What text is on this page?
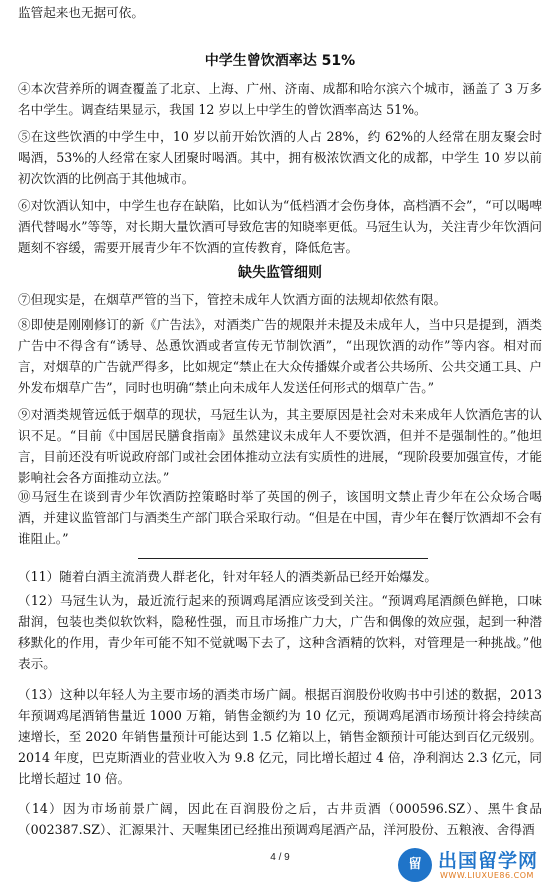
监管起来也无据可依。

中学生曾饮酒率达 51%

④本次营养所的调查覆盖了北京、上海、广州、济南、成都和哈尔滨六个城市，涵盖了 3 万多名中学生。调查结果显示，我国 12 岁以上中学生的曾饮酒率高达 51%。

⑤在这些饮酒的中学生中，10 岁以前开始饮酒的人占 28%，约 62%的人经常在朋友聚会时喝酒，53%的人经常在家人团聚时喝酒。其中，拥有极浓饮酒文化的成都，中学生 10 岁以前初次饮酒的比例高于其他城市。

⑥对饮酒认知中，中学生也存在缺陷，比如认为“低档酒才会伤身体，高档酒不会”，“可以喝啤酒代替喝水”等等，对长期大量饮酒可导致危害的知晓率更低。马冠生认为，关注青少年饮酒问题刻不容缓，需要开展青少年不饮酒的宣传教育，降低危害。

缺失监管细则

⑦但现实是，在烟草严管的当下，管控未成年人饮酒方面的法规却依然有限。

⑧即使是刚刚修订的新《广告法》，对酒类广告的规限并未提及未成年人，当中只是提到，酒类广告中不得含有“诱导、怂恿饮酒或者宣传无节制饮酒”，“出现饮酒的动作”等内容。相对而言，对烟草的广告就严得多，比如规定“禁止在大众传播媒介或者公共场所、公共交通工具、户外发布烟草广告”，同时也明确“禁止向未成年人发送任何形式的烟草广告。”

⑨对酒类规管远低于烟草的现状，马冠生认为，其主要原因是社会对未来成年人饮酒危害的认识不足。“目前《中国居民膳食指南》虽然建议未成年人不要饮酒，但并不是强制性的。”他坦言，目前还没有听说政府部门或社会团体推动立法有实质性的进展，“现阶段要加强宣传，才能影响社会各方面推动立法。”

⑩马冠生在谈到青少年饮酒防控策略时举了英国的例子，该国明文禁止青少年在公众场合喝酒，并建议监管部门与酒类生产部门联合采取行动。“但是在中国，青少年在餐厅饮酒却不会有谁阻止。”

（11）随着白酒主流消费人群老化，针对年轻人的酒类新品已经开始爆发。

（12）马冠生认为，最近流行起来的预调鸡尾酒应该受到关注。“预调鸡尾酒颜色鲜艳，口味甜润，包装也类似软饮料，隐秘性强，而且市场推广力大，广告和偶像的效应强，起到一种潜移默化的作用，青少年可能不知不觉就喝下去了，这种含酒精的饮料，对管理是一种挑战。”他表示。

（13）这种以年轻人为主要市场的酒类市场广阔。根据百润股份收购书中引述的数据，2013 年预调鸡尾酒销售量近 1000 万箱，销售金额约为 10 亿元，预调鸡尾酒市场预计将会持续高速增长，至 2020 年销售量预计可能达到 1.5 亿箱以上，销售金额预计可能达到百亿元级别。2014 年度，巴克斯酒业的营业收入为 9.8 亿元，同比增长超过 4 倍，净利润达 2.3 亿元，同比增长超过 10 倍。

（14）因为市场前景广阔，因此在百润股份之后，古井贡酒（000596.SZ）、黑牛食品（002387.SZ）、汇源果汁、天喔集团已经推出预调鸡尾酒产品，洋河股份、五粮液、舍得酒

4 / 9	留 出国留学网
WWW.LIUXUE86.COM
